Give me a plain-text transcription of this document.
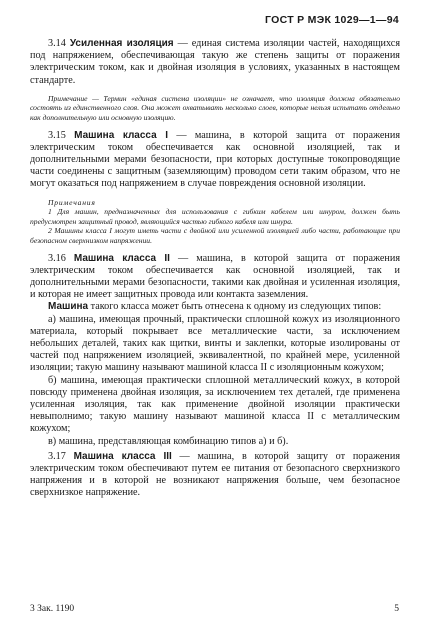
ГОСТ Р МЭК 1029—1—94

3.14 Усиленная изоляция — единая система изоляции частей, находящихся под напряжением, обеспечивающая такую же степень защиты от поражения электрическим током, как и двойная изоляция в условиях, указанных в настоящем стандарте.

Примечание — Термин «единая система изоляции» не означает, что изоляция должна обязательно состоять из единственного слоя. Она может охватывать несколько слоев, которые нельзя испытать отдельно как дополнительную или основную изоляцию.

3.15 Машина класса I — машина, в которой защита от поражения электрическим током обеспечивается как основной изоляцией, так и дополнительными мерами безопасности, при которых доступные токопроводящие части соединены с защитным (заземляющим) проводом сети таким образом, что не могут оказаться под напряжением в случае повреждения основной изоляции.

Примечания

1 Для машин, предназначенных для использования с гибким кабелем или шнуром, должен быть предусмотрен защитный провод, являющийся частью гибкого кабеля или шнура.

2 Машины класса I могут иметь части с двойной или усиленной изоляцией либо части, работающие при безопасном сверхнизком напряжении.

3.16 Машина класса II — машина, в которой защита от поражения электрическим током обеспечивается как основной изоляцией, так и дополнительными мерами безопасности, такими как двойная и усиленная изоляция, и которая не имеет защитных провода или контакта заземления.

Машина такого класса может быть отнесена к одному из следующих типов:

а) машина, имеющая прочный, практически сплошной кожух из изоляционного материала, который покрывает все металлические части, за исключением небольших деталей, таких как щитки, винты и заклепки, которые изолированы от частей под напряжением изоляцией, эквивалентной, по крайней мере, усиленной изоляции; такую машину называют машиной класса II с изоляционным кожухом;

б) машина, имеющая практически сплошной металлический кожух, в которой повсюду применена двойная изоляция, за исключением тех деталей, где применена усиленная изоляция, так как применение двойной изоляции практически невыполнимо; такую машину называют машиной класса II с металлическим кожухом;

в) машина, представляющая комбинацию типов а) и б).

3.17 Машина класса III — машина, в которой защиту от поражения электрическим током обеспечивают путем ее питания от безопасного сверхнизкого напряжения и в которой не возникают напряжения больше, чем безопасное сверхнизкое напряжение.

3 Зак. 1190	5
